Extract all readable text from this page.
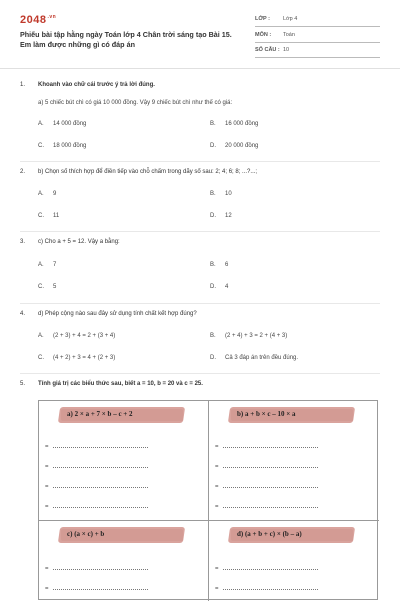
$2048^{.vn}$
Phiếu bài tập hằng ngày Toán lớp 4 Chân trời sáng tạo Bài 15. Em làm được những gì có đáp án
LỚP : Lớp 4
MÔN : Toán
SỐ CÂU : 10
1. Khoanh vào chữ cái trước ý trả lời đúng.
a) 5 chiếc bút chì có giá 10 000 đồng. Vậy 9 chiếc bút chì như thế có giá:
A. 14 000 đồng	B. 16 000 đồng
C. 18 000 đồng	D. 20 000 đồng
2. b) Chọn số thích hợp để điền tiếp vào chỗ chấm trong dãy số sau: 2; 4; 6; 8; ...?...;
A. 9	B. 10
C. 11	D. 12
3. c) Cho a + 5 = 12. Vậy a bằng:
A. 7	B. 6
C. 5	D. 4
4. d) Phép cộng nào sau đây sử dụng tính chất kết hợp đúng?
A. (2 + 3) + 4 = 2 + (3 + 4)	B. (2 + 4) + 3 = 2 + (4 + 3)
C. (4 + 2) + 3 = 4 + (2 + 3)	D. Cả 3 đáp án trên đều đúng.
5. Tính giá trị các biểu thức sau, biết a = 10, b = 20 và c = 25.
a) 2 × a + 7 × b – c + 2
=
=
=
=
b) a + b × c – 10 × a
=
=
=
=
c) (a × c) + b
=
=
d) (a + b + c) × (b – a)
=
=
